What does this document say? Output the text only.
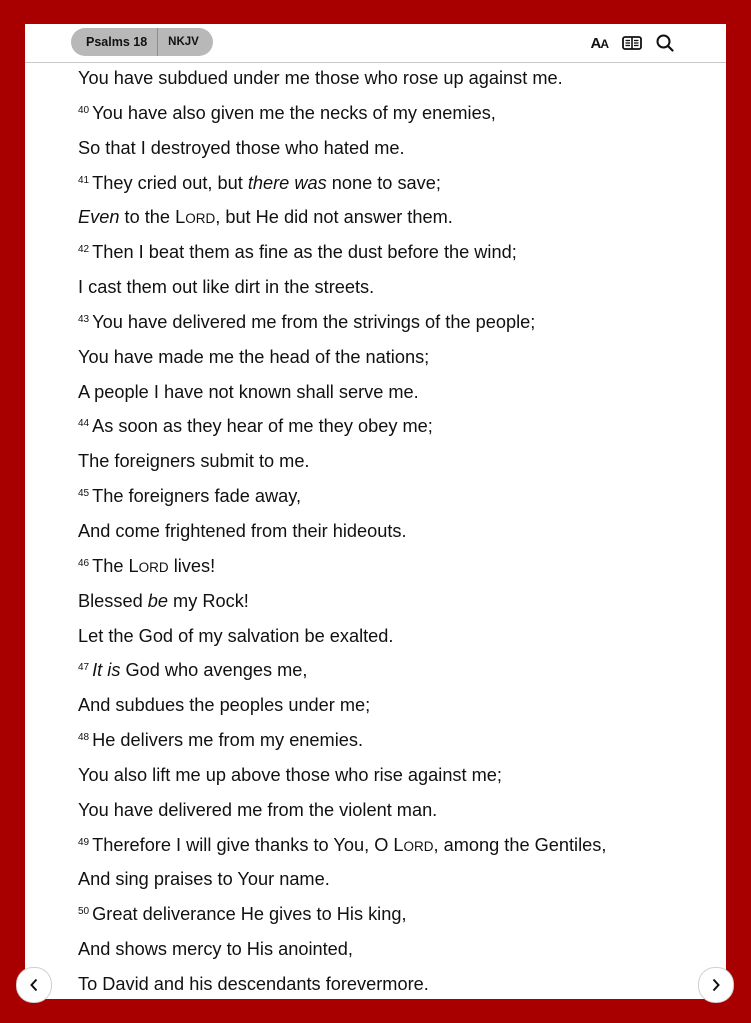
Psalms 18	NKJV	AA
You have subdued under me those who rose up against me.
$^{40}$ You have also given me the necks of my enemies,
So that I destroyed those who hated me.
$^{41}$ They cried out, but there was none to save;
Even to the LORD, but He did not answer them.
$^{42}$ Then I beat them as fine as the dust before the wind;
I cast them out like dirt in the streets.
$^{43}$ You have delivered me from the strivings of the people;
You have made me the head of the nations;
A people I have not known shall serve me.
$^{44}$ As soon as they hear of me they obey me;
The foreigners submit to me.
$^{45}$ The foreigners fade away,
And come frightened from their hideouts.
$^{46}$ The LORD lives!
Blessed be my Rock!
Let the God of my salvation be exalted.
$^{47}$ It is God who avenges me,
And subdues the peoples under me;
$^{48}$ He delivers me from my enemies.
You also lift me up above those who rise against me;
You have delivered me from the violent man.
$^{49}$ Therefore I will give thanks to You, O LORD, among the Gentiles,
And sing praises to Your name.
$^{50}$ Great deliverance He gives to His king,
And shows mercy to His anointed,
To David and his descendants forevermore.
